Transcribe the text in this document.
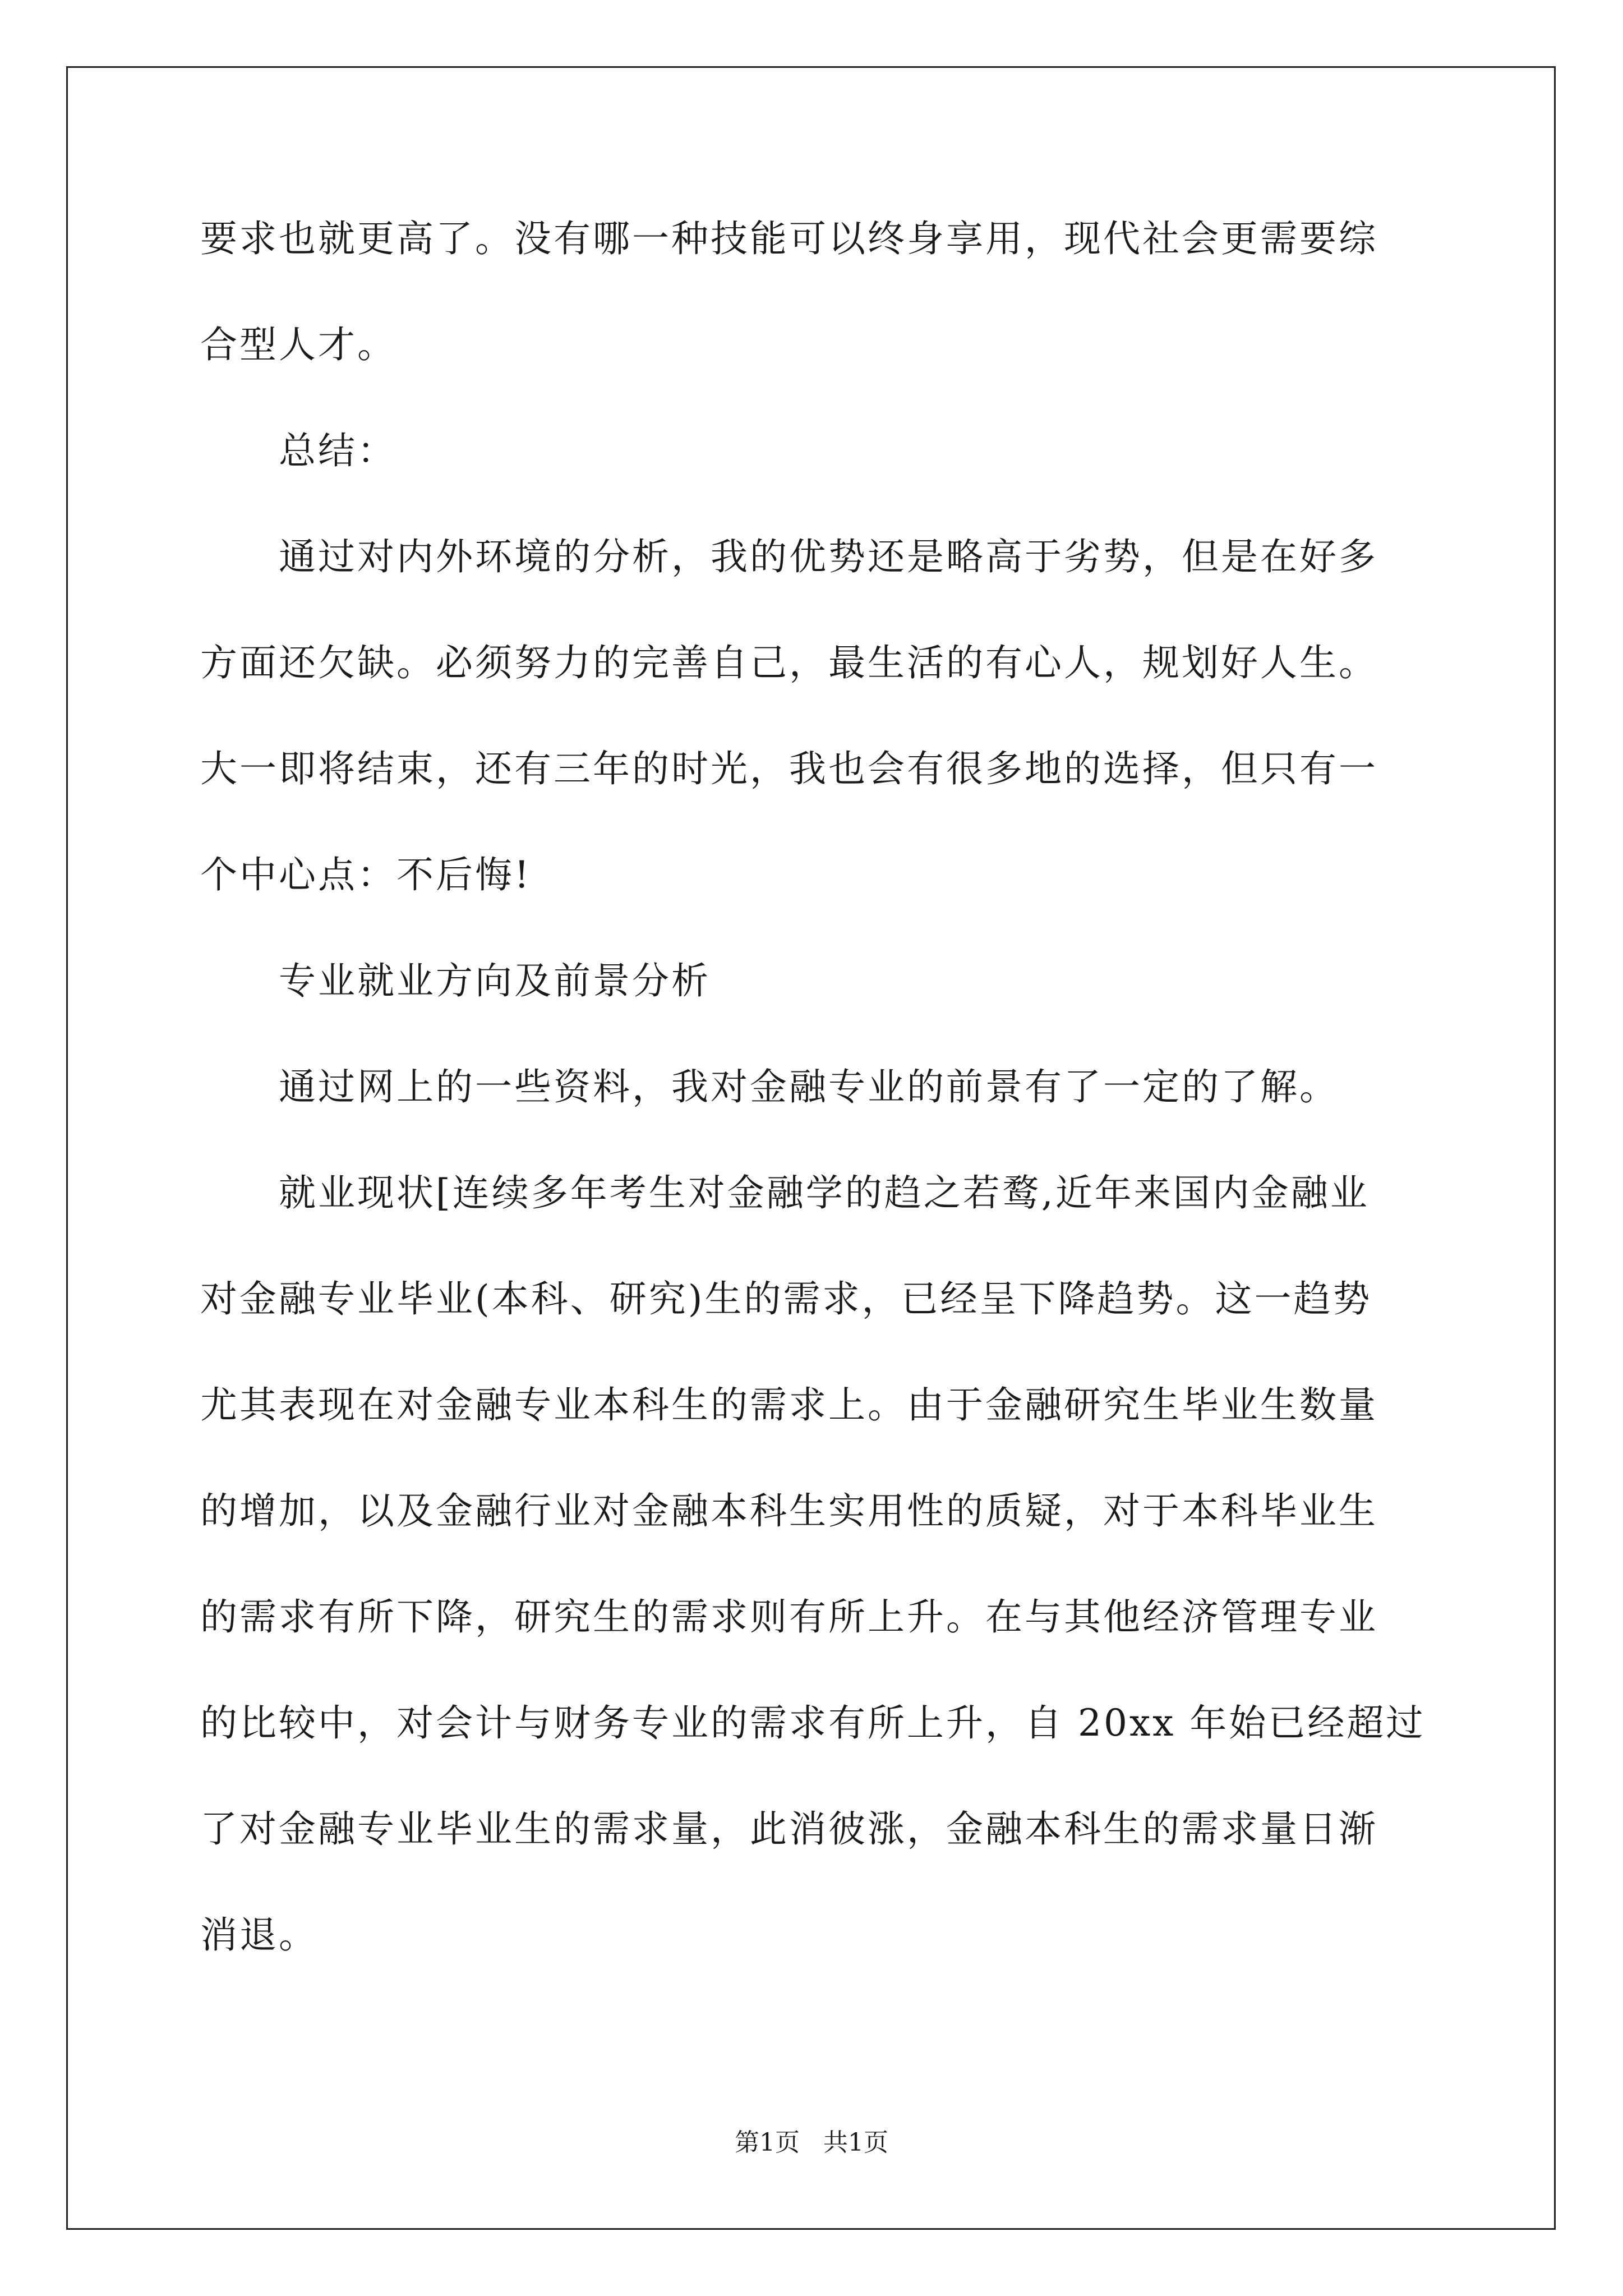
要求也就更高了。没有哪一种技能可以终身享用，现代社会更需要综
合型人才。
总结：
通过对内外环境的分析，我的优势还是略高于劣势，但是在好多
方面还欠缺。必须努力的完善自己，最生活的有心人，规划好人生。
大一即将结束，还有三年的时光，我也会有很多地的选择，但只有一
个中心点：不后悔!
专业就业方向及前景分析
通过网上的一些资料，我对金融专业的前景有了一定的了解。
就业现状[连续多年考生对金融学的趋之若鹜,近年来国内金融业
对金融专业毕业(本科、研究)生的需求，已经呈下降趋势。这一趋势
尤其表现在对金融专业本科生的需求上。由于金融研究生毕业生数量
的增加，以及金融行业对金融本科生实用性的质疑，对于本科毕业生
的需求有所下降，研究生的需求则有所上升。在与其他经济管理专业
的比较中，对会计与财务专业的需求有所上升，自 20xx 年始已经超过
了对金融专业毕业生的需求量，此消彼涨，金融本科生的需求量日渐
消退。
第1页   共1页
